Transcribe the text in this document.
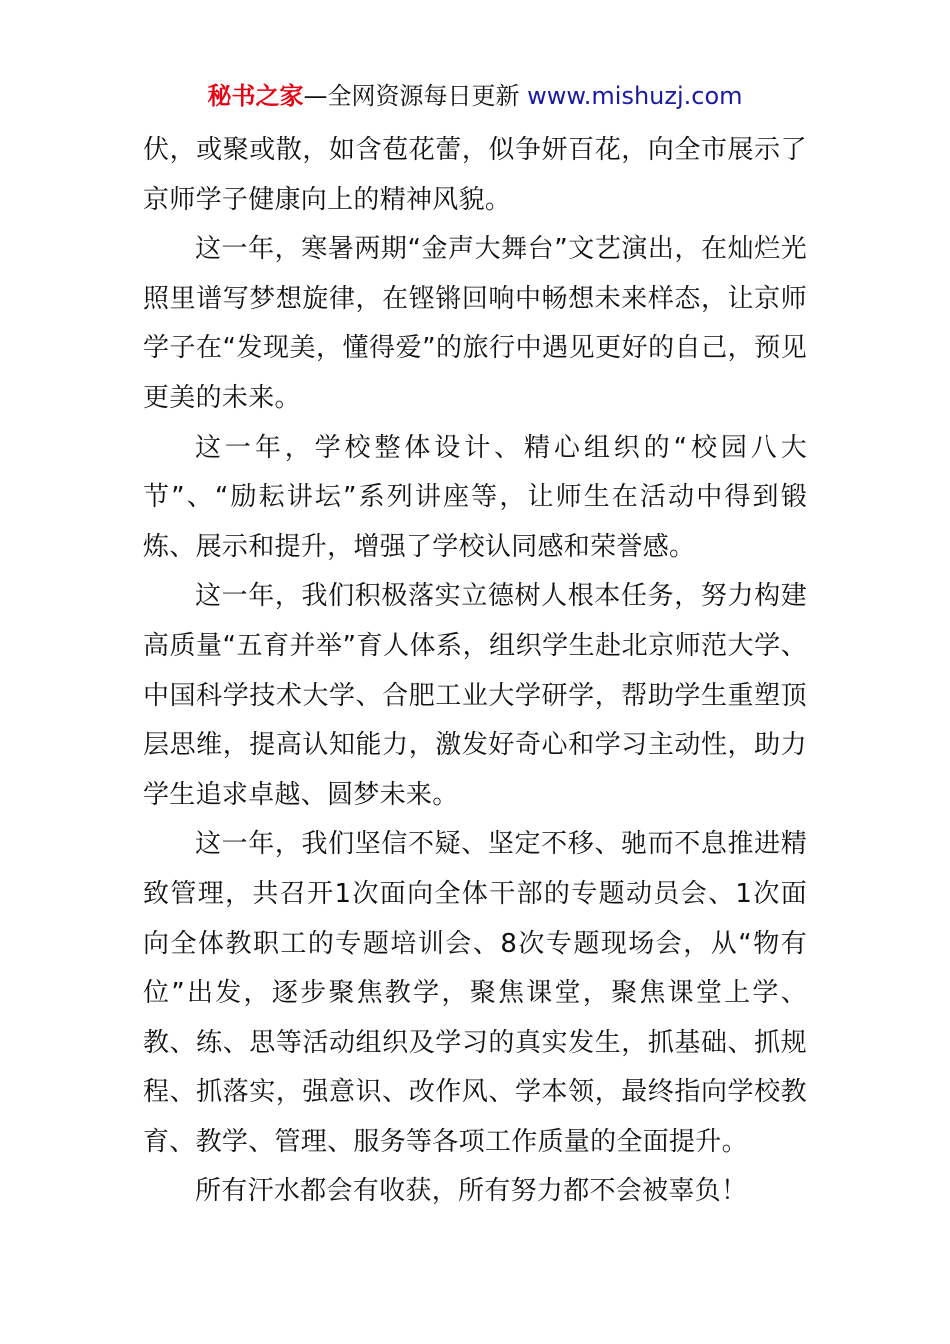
秘书之家—全网资源每日更新 www.mishuzj.com

伏，或聚或散，如含苞花蕾，似争妍百花，向全市展示了京师学子健康向上的精神风貌。

这一年，寒暑两期“金声大舞台”文艺演出，在灿烂光照里谱写梦想旋律，在铿锵回响中畅想未来样态，让京师学子在“发现美，懂得爱”的旅行中遇见更好的自己，预见更美的未来。

这一年，学校整体设计、精心组织的“校园八大节”、“励耘讲坛”系列讲座等，让师生在活动中得到锻炼、展示和提升，增强了学校认同感和荣誉感。

这一年，我们积极落实立德树人根本任务，努力构建高质量“五育并举”育人体系，组织学生赴北京师范大学、中国科学技术大学、合肥工业大学研学，帮助学生重塑顶层思维，提高认知能力，激发好奇心和学习主动性，助力学生追求卓越、圆梦未来。

这一年，我们坚信不疑、坚定不移、驰而不息推进精致管理，共召开1次面向全体干部的专题动员会、1次面向全体教职工的专题培训会、8次专题现场会，从“物有位”出发，逐步聚焦教学，聚焦课堂，聚焦课堂上学、教、练、思等活动组织及学习的真实发生，抓基础、抓规程、抓落实，强意识、改作风、学本领，最终指向学校教育、教学、管理、服务等各项工作质量的全面提升。

所有汗水都会有收获，所有努力都不会被辜负！
